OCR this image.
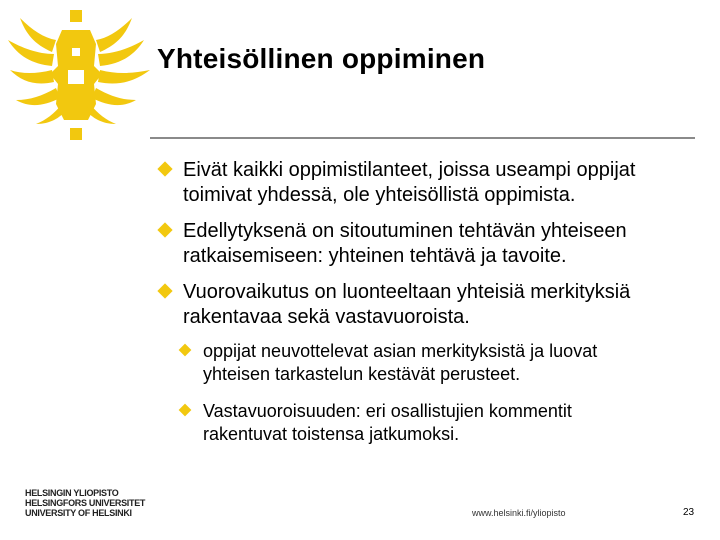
Yhteisöllinen oppiminen
Eivät kaikki oppimistilanteet, joissa useampi oppijat
toimivat yhdessä, ole yhteisöllistä oppimista.
Edellytyksenä on sitoutuminen tehtävän yhteiseen
ratkaisemiseen: yhteinen tehtävä ja tavoite.
Vuorovaikutus on luonteeltaan yhteisiä merkityksiä
rakentavaa sekä vastavuoroista.
oppijat neuvottelevat asian merkityksistä ja luovat
yhteisen tarkastelun kestävät perusteet.
Vastavuoroisuuden: eri osallistujien kommentit
rakentuvat toistensa jatkumoksi.
HELSINGIN YLIOPISTO
HELSINGFORS UNIVERSITET
UNIVERSITY OF HELSINKI	www.helsinki.fi/yliopisto	23
